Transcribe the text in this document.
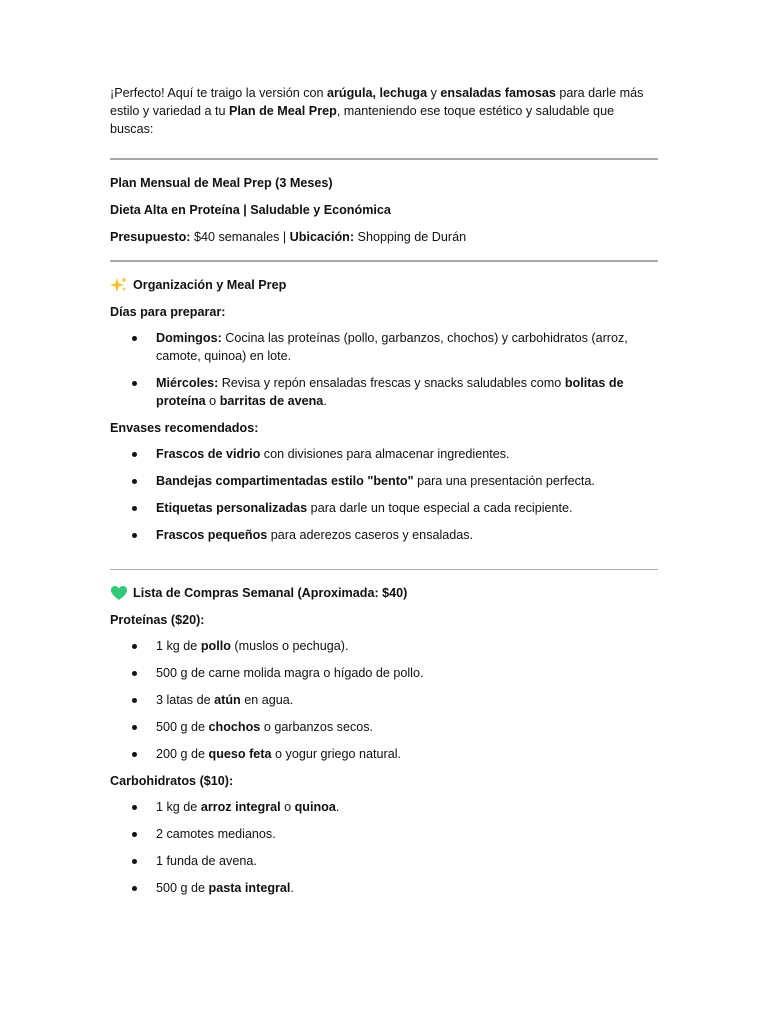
¡Perfecto! Aquí te traigo la versión con arúgula, lechuga y ensaladas famosas para darle más estilo y variedad a tu Plan de Meal Prep, manteniendo ese toque estético y saludable que buscas:

Plan Mensual de Meal Prep (3 Meses)

Dieta Alta en Proteína | Saludable y Económica

Presupuesto: $40 semanales | Ubicación: Shopping de Durán

Organización y Meal Prep

Días para preparar:

Domingos: Cocina las proteínas (pollo, garbanzos, chochos) y carbohidratos (arroz, camote, quinoa) en lote.
Miércoles: Revisa y repón ensaladas frescas y snacks saludables como bolitas de proteína o barritas de avena.

Envases recomendados:

Frascos de vidrio con divisiones para almacenar ingredientes.
Bandejas compartimentadas estilo "bento" para una presentación perfecta.
Etiquetas personalizadas para darle un toque especial a cada recipiente.
Frascos pequeños para aderezos caseros y ensaladas.
Lista de Compras Semanal (Aproximada: $40)

Proteínas ($20):

1 kg de pollo (muslos o pechuga).
500 g de carne molida magra o hígado de pollo.
3 latas de atún en agua.
500 g de chochos o garbanzos secos.
200 g de queso feta o yogur griego natural.

Carbohidratos ($10):

1 kg de arroz integral o quinoa.
2 camotes medianos.
1 funda de avena.
500 g de pasta integral.
